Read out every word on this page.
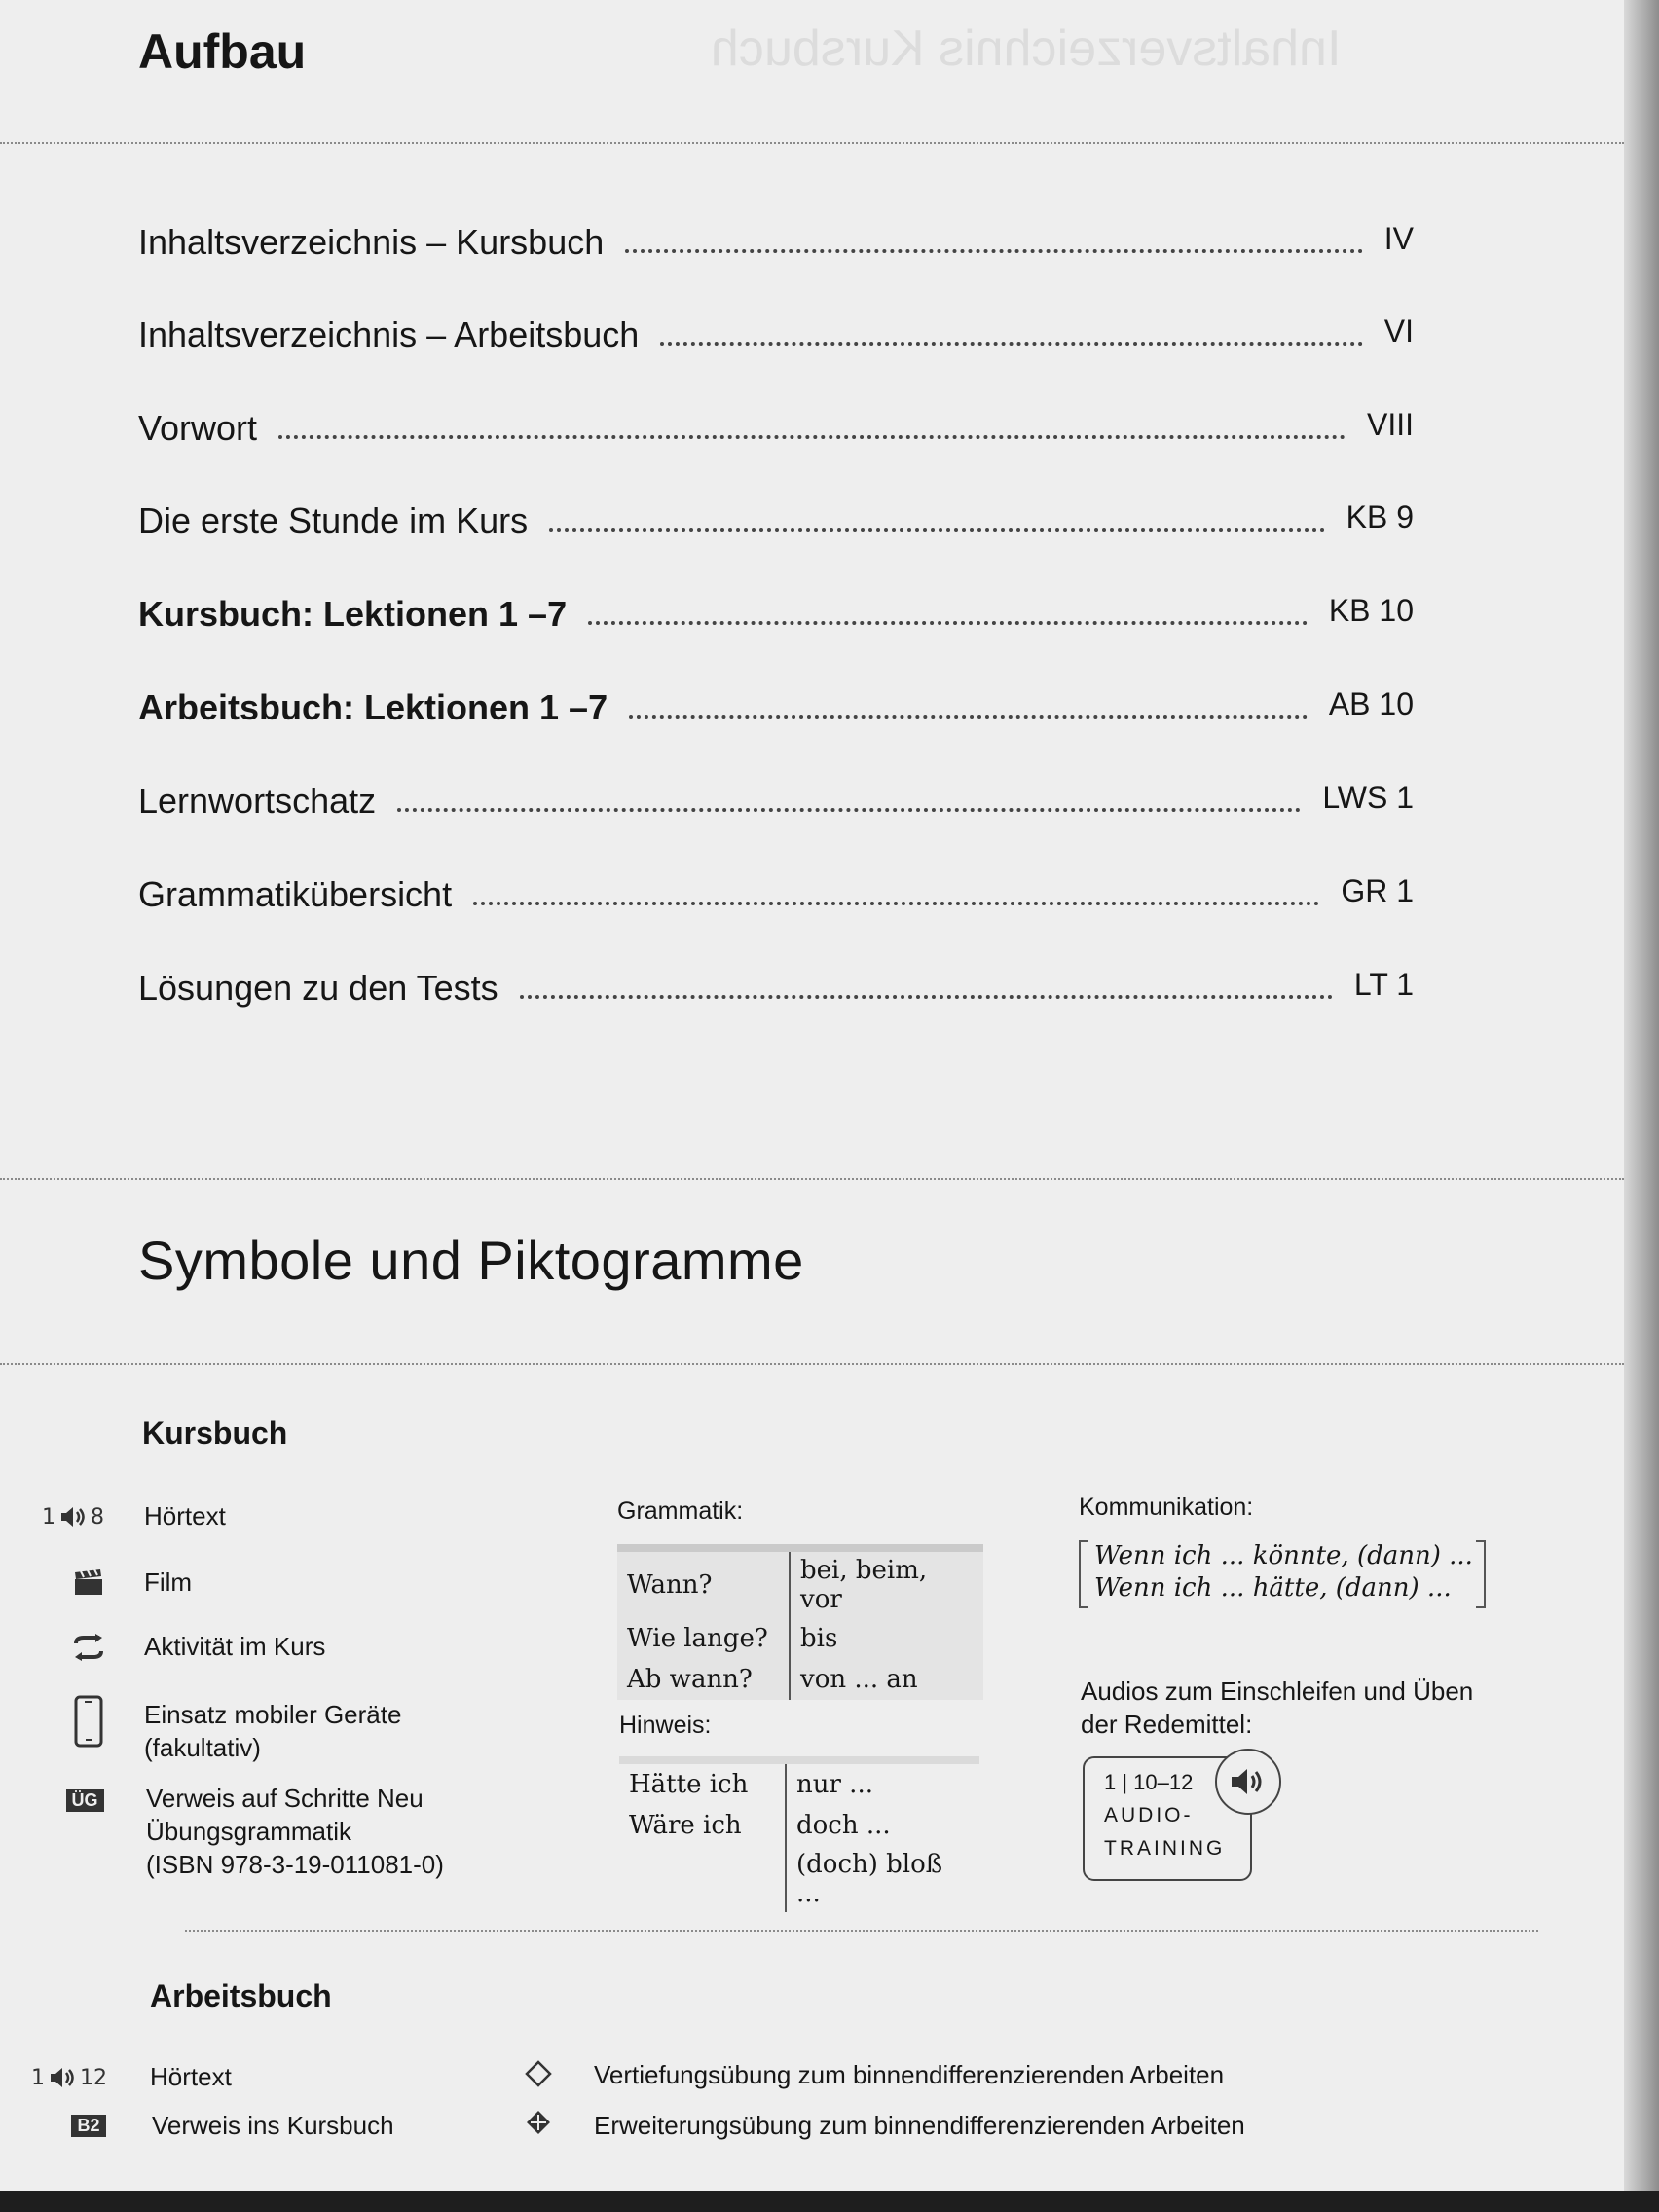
Inhaltsverzeichnis Kursbuch
Aufbau
Inhaltsverzeichnis – Kursbuch	IV
Inhaltsverzeichnis – Arbeitsbuch	VI
Vorwort	VIII
Die erste Stunde im Kurs	KB 9
Kursbuch: Lektionen 1 –7	KB 10
Arbeitsbuch: Lektionen 1 –7	AB 10
Lernwortschatz	LWS 1
Grammatikübersicht	GR 1
Lösungen zu den Tests	LT 1
Symbole und Piktogramme
Kursbuch
1 8 Hörtext
Film
Aktivität im Kurs
Einsatz mobiler Geräte
(fakultativ)
ÜG Verweis auf Schritte Neu
Übungsgrammatik
(ISBN 978-3-19-011081-0)
Grammatik:

Wann?	bei, beim, vor
Wie lange?	bis
Ab wann?	von ... an
Hinweis:

Hätte ich	nur ...
Wäre ich	doch ...
	(doch) bloß ...
Kommunikation:
Wenn ich ... könnte, (dann) ...
Wenn ich ... hätte, (dann) ...
Audios zum Einschleifen und Üben
der Redemittel:
1 | 10–12
AUDIO-
TRAINING
Arbeitsbuch
1 12 Hörtext
B2 Verweis ins Kursbuch
Vertiefungsübung zum binnendifferenzierenden Arbeiten
Erweiterungsübung zum binnendifferenzierenden Arbeiten
